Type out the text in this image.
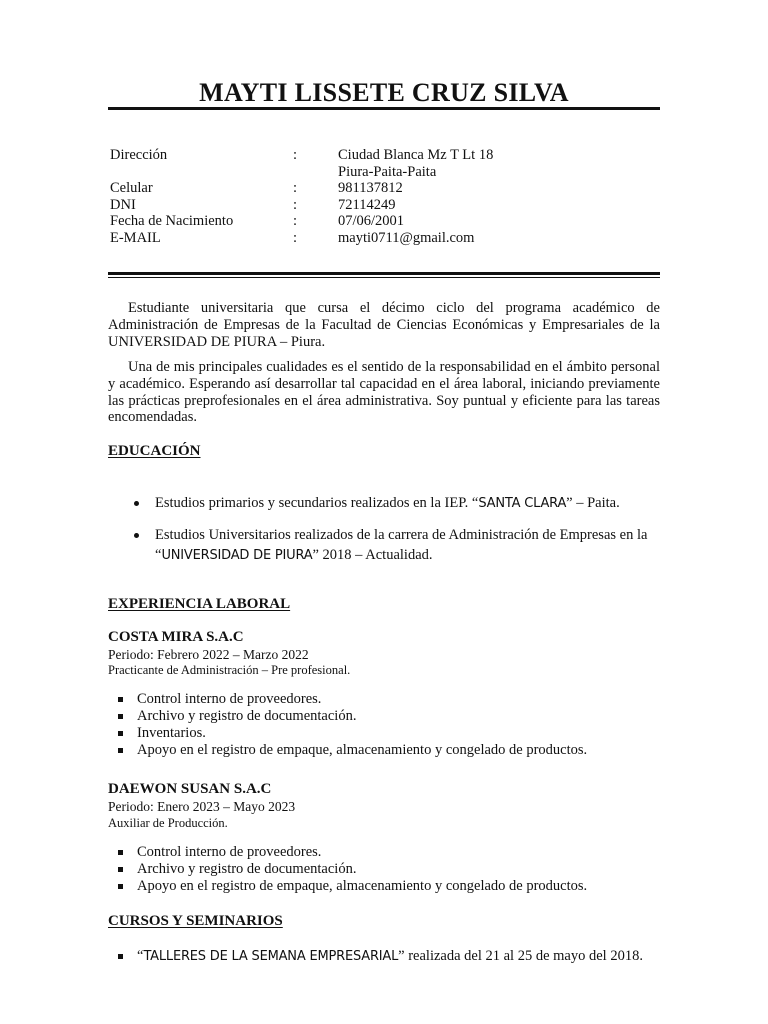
MAYTI LISSETE CRUZ SILVA
Dirección	:	Ciudad Blanca Mz T Lt 18
Piura-Paita-Paita
Celular	:	981137812
DNI	:	72114249
Fecha de Nacimiento	:	07/06/2001
E-MAIL	:	mayti0711@gmail.com

Estudiante universitaria que cursa el décimo ciclo del programa académico de Administración de Empresas de la Facultad de Ciencias Económicas y Empresariales de la UNIVERSIDAD DE PIURA – Piura.

Una de mis principales cualidades es el sentido de la responsabilidad en el ámbito personal y académico. Esperando así desarrollar tal capacidad en el área laboral, iniciando previamente las prácticas preprofesionales en el área administrativa. Soy puntual y eficiente para las tareas encomendadas.

EDUCACIÓN
Estudios primarios y secundarios realizados en la IEP. “SANTA CLARA” – Paita.
Estudios Universitarios realizados de la carrera de Administración de Empresas en la “UNIVERSIDAD DE PIURA” 2018 – Actualidad.
EXPERIENCIA LABORAL
COSTA MIRA S.A.C
Periodo: Febrero 2022 – Marzo 2022
Practicante de Administración – Pre profesional.
Control interno de proveedores.
Archivo y registro de documentación.
Inventarios.
Apoyo en el registro de empaque, almacenamiento y congelado de productos.
DAEWON SUSAN S.A.C
Periodo: Enero 2023 – Mayo 2023
Auxiliar de Producción.
Control interno de proveedores.
Archivo y registro de documentación.
Apoyo en el registro de empaque, almacenamiento y congelado de productos.
CURSOS Y SEMINARIOS
“TALLERES DE LA SEMANA EMPRESARIAL” realizada del 21 al 25 de mayo del 2018.
